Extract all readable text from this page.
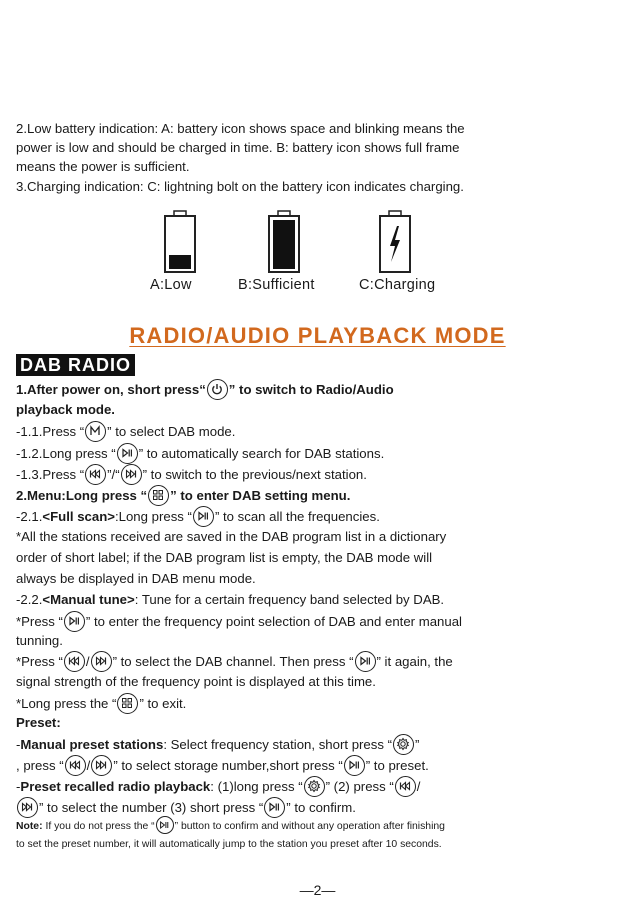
2.Low battery indication: A: battery icon shows space and blinking means the
power is low and should be charged in time. B: battery icon shows full frame
means the power is sufficient.
3.Charging indication: C: lightning bolt on the battery icon indicates charging.
A:Low	B:Sufficient	C:Charging
RADIO/AUDIO PLAYBACK MODE
DAB RADIO
1.After power on, short press“ ” to switch to Radio/Audio
playback mode.
-1.1.Press “ ” to select DAB mode.
-1.2.Long press “ ” to automatically search for DAB stations.
-1.3.Press “ ”/“ ” to switch to the previous/next station.
2.Menu:Long press “ ” to enter DAB setting menu.
-2.1.<Full scan>:Long press “ ” to scan all the frequencies.
*All the stations received are saved in the DAB program list in a dictionary
order of short label; if the DAB program list is empty, the DAB mode will
always be displayed in DAB menu mode.
-2.2.<Manual tune>: Tune for a certain frequency band selected by DAB.
*Press “ ” to enter the frequency point selection of DAB and enter manual
tunning.
*Press “ / ” to select the DAB channel. Then press “ ” it again, the
signal strength of the frequency point is displayed at this time.
*Long press the “ ” to exit.
Preset:
-Manual preset stations: Select frequency station, short press “ ”
, press “ / ” to select storage number,short press “ ” to preset.
-Preset recalled radio playback: (1)long press “ ” (2) press “ /
” to select the number (3) short press “ ” to confirm.
Note: If you do not press the “ ” button to confirm and without any operation after finishing
to set the preset number, it will automatically jump to the station you preset after 10 seconds.
—2—
